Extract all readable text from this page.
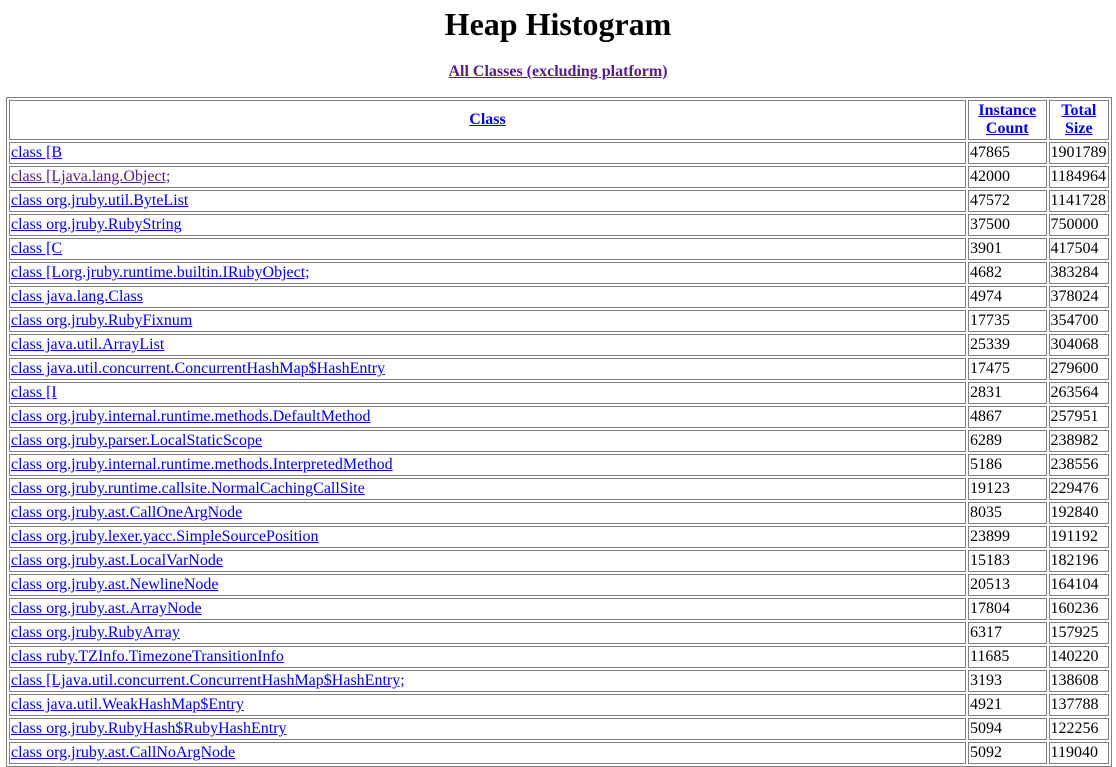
Heap Histogram
All Classes (excluding platform)
Class	Instance Count	Total Size
class [B	47865	1901789
class [Ljava.lang.Object;	42000	1184964
class org.jruby.util.ByteList	47572	1141728
class org.jruby.RubyString	37500	750000
class [C	3901	417504
class [Lorg.jruby.runtime.builtin.IRubyObject;	4682	383284
class java.lang.Class	4974	378024
class org.jruby.RubyFixnum	17735	354700
class java.util.ArrayList	25339	304068
class java.util.concurrent.ConcurrentHashMap$HashEntry	17475	279600
class [I	2831	263564
class org.jruby.internal.runtime.methods.DefaultMethod	4867	257951
class org.jruby.parser.LocalStaticScope	6289	238982
class org.jruby.internal.runtime.methods.InterpretedMethod	5186	238556
class org.jruby.runtime.callsite.NormalCachingCallSite	19123	229476
class org.jruby.ast.CallOneArgNode	8035	192840
class org.jruby.lexer.yacc.SimpleSourcePosition	23899	191192
class org.jruby.ast.LocalVarNode	15183	182196
class org.jruby.ast.NewlineNode	20513	164104
class org.jruby.ast.ArrayNode	17804	160236
class org.jruby.RubyArray	6317	157925
class ruby.TZInfo.TimezoneTransitionInfo	11685	140220
class [Ljava.util.concurrent.ConcurrentHashMap$HashEntry;	3193	138608
class java.util.WeakHashMap$Entry	4921	137788
class org.jruby.RubyHash$RubyHashEntry	5094	122256
class org.jruby.ast.CallNoArgNode	5092	119040
